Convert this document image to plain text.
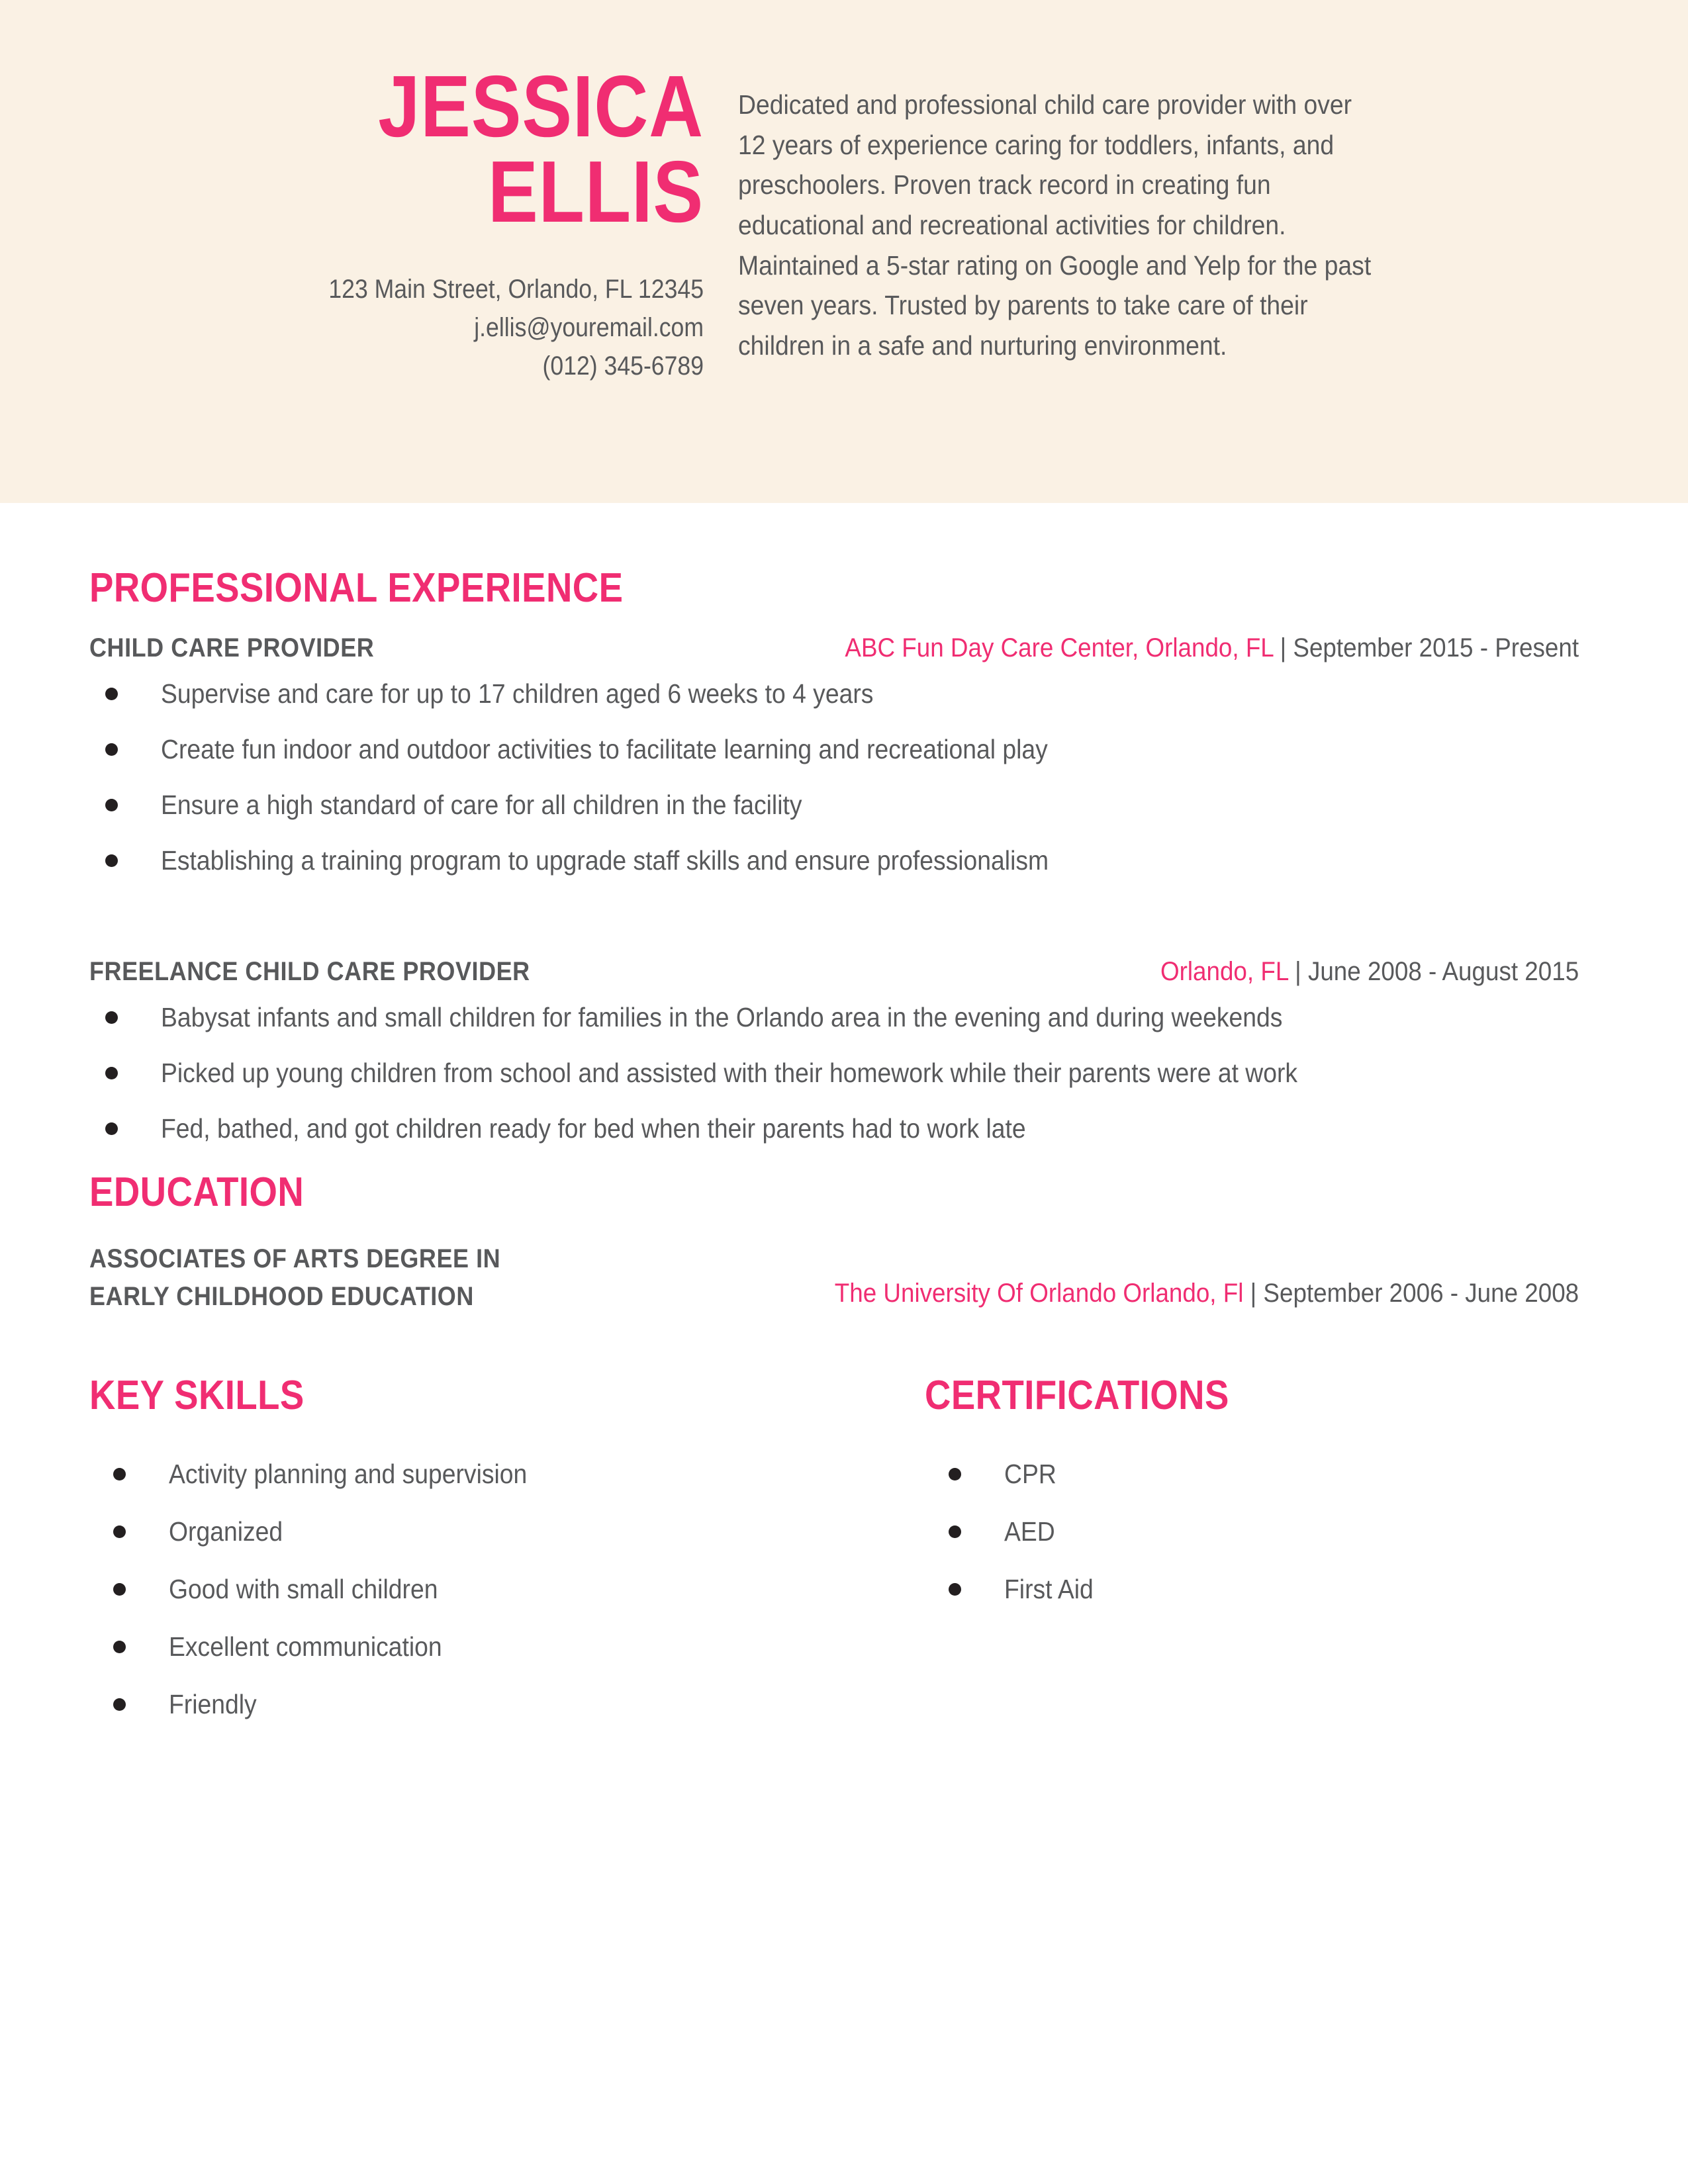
JESSICA
ELLIS
123 Main Street, Orlando, FL 12345
j.ellis@youremail.com
(012) 345-6789

Dedicated and professional child care provider with over 12 years of experience caring for toddlers, infants, and preschoolers. Proven track record in creating fun educational and recreational activities for children. Maintained a 5-star rating on Google and Yelp for the past seven years. Trusted by parents to take care of their children in a safe and nurturing environment.

PROFESSIONAL EXPERIENCE
CHILD CARE PROVIDER	ABC Fun Day Care Center, Orlando, FL | September 2015 - Present
Supervise and care for up to 17 children aged 6 weeks to 4 years
Create fun indoor and outdoor activities to facilitate learning and recreational play
Ensure a high standard of care for all children in the facility
Establishing a training program to upgrade staff skills and ensure professionalism
FREELANCE CHILD CARE PROVIDER	Orlando, FL | June 2008 - August 2015
Babysat infants and small children for families in the Orlando area in the evening and during weekends
Picked up young children from school and assisted with their homework while their parents were at work
Fed, bathed, and got children ready for bed when their parents had to work late
EDUCATION
ASSOCIATES OF ARTS DEGREE IN
EARLY CHILDHOOD EDUCATION	The University Of Orlando Orlando, Fl | September 2006 - June 2008
KEY SKILLS
Activity planning and supervision
Organized
Good with small children
Excellent communication
Friendly
CERTIFICATIONS
CPR
AED
First Aid
